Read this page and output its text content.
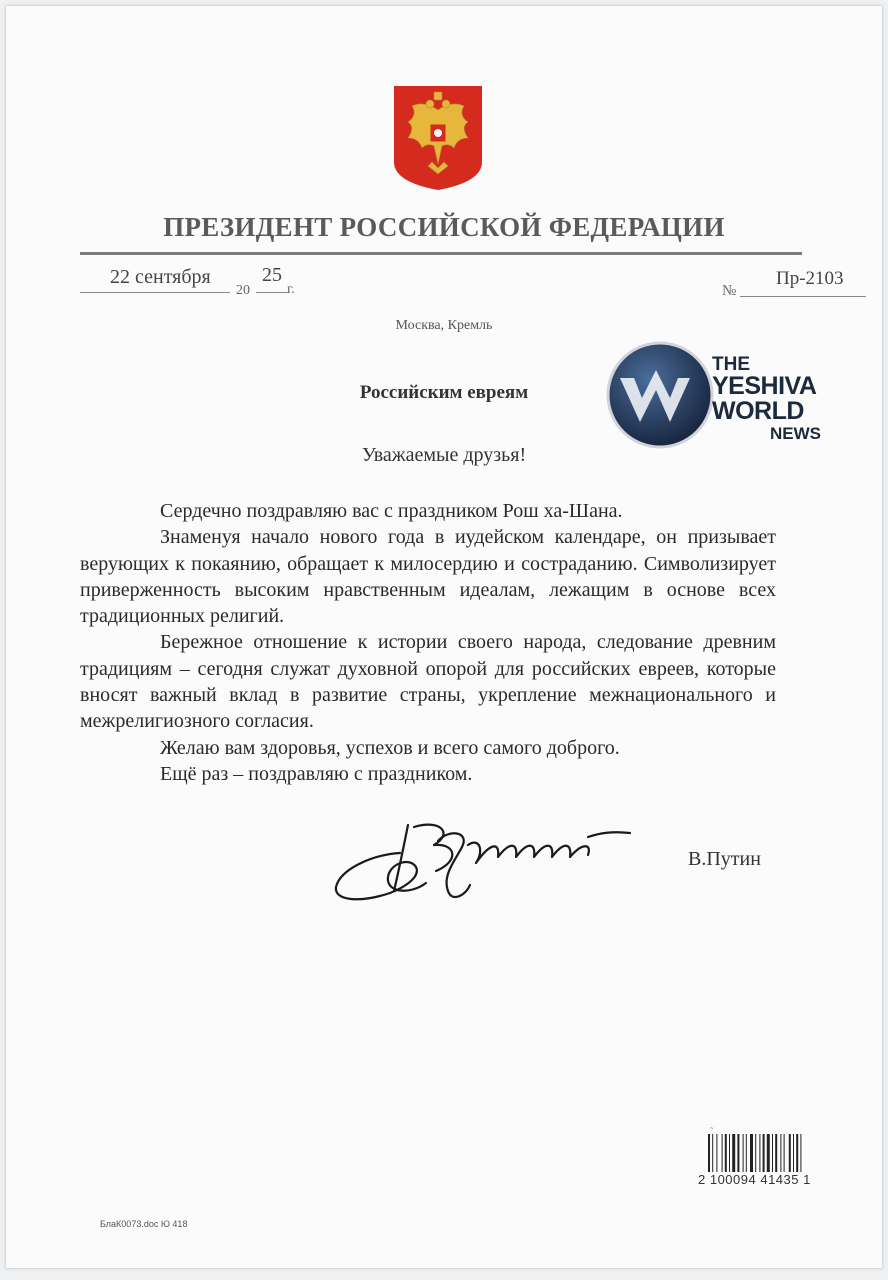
ПРЕЗИДЕНТ РОССИЙСКОЙ ФЕДЕРАЦИИ
22 сентября
20
25
г.	№
Пр-2103
Москва, Кремль
Российским евреям
Уважаемые друзья!

Сердечно поздравляю вас с праздником Рош ха-Шана.

Знаменуя начало нового года в иудейском календаре, он призывает верующих к покаянию, обращает к милосердию и состраданию. Символизирует приверженность высоким нравственным идеалам, лежащим в основе всех традиционных религий.

Бережное отношение к истории своего народа, следование древним традициям – сегодня служат духовной опорой для российских евреев, которые вносят важный вклад в развитие страны, укрепление межнационального и межрелигиозного согласия.

Желаю вам здоровья, успехов и всего самого доброго.

Ещё раз – поздравляю с праздником.

В.Путин
THE
YESHIVA
WORLD
NEWS
~
2 100094 41435 1
БлаК0073.doc Ю 418
